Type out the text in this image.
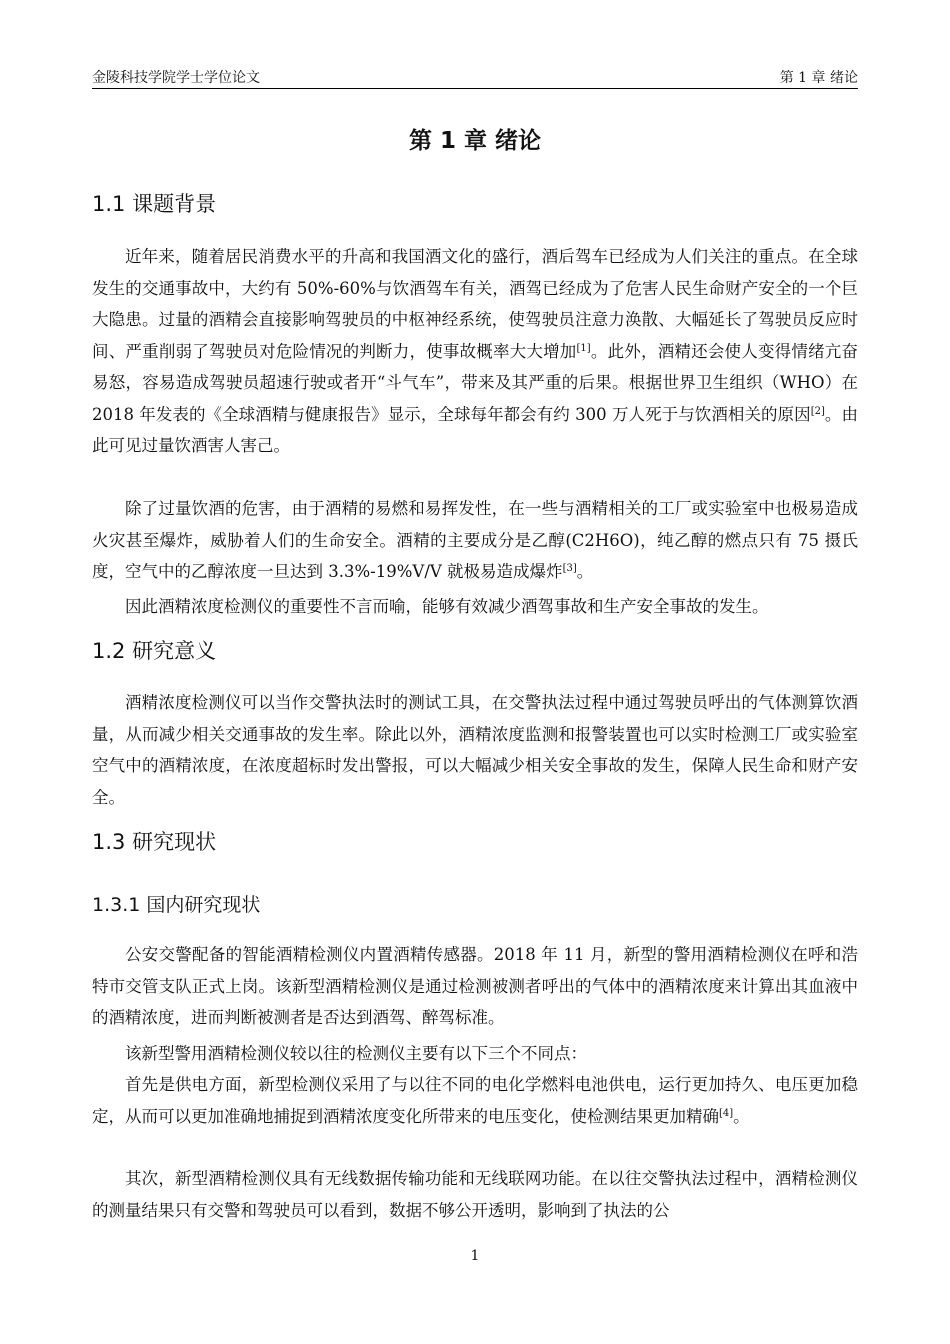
金陵科技学院学士学位论文	第 1 章 绪论
第 1 章 绪论
1.1 课题背景

近年来，随着居民消费水平的升高和我国酒文化的盛行，酒后驾车已经成为人们关注的重点。在全球发生的交通事故中，大约有 50%-60%与饮酒驾车有关，酒驾已经成为了危害人民生命财产安全的一个巨大隐患。过量的酒精会直接影响驾驶员的中枢神经系统，使驾驶员注意力涣散、大幅延长了驾驶员反应时间、严重削弱了驾驶员对危险情况的判断力，使事故概率大大增加[1]。此外，酒精还会使人变得情绪亢奋易怒，容易造成驾驶员超速行驶或者开“斗气车”，带来及其严重的后果。根据世界卫生组织（WHO）在 2018 年发表的《全球酒精与健康报告》显示，全球每年都会有约 300 万人死于与饮酒相关的原因[2]。由此可见过量饮酒害人害己。

除了过量饮酒的危害，由于酒精的易燃和易挥发性，在一些与酒精相关的工厂或实验室中也极易造成火灾甚至爆炸，威胁着人们的生命安全。酒精的主要成分是乙醇(C2H6O)，纯乙醇的燃点只有 75 摄氏度，空气中的乙醇浓度一旦达到 3.3%-19%V/V 就极易造成爆炸[3]。

因此酒精浓度检测仪的重要性不言而喻，能够有效减少酒驾事故和生产安全事故的发生。

1.2 研究意义

酒精浓度检测仪可以当作交警执法时的测试工具，在交警执法过程中通过驾驶员呼出的气体测算饮酒量，从而减少相关交通事故的发生率。除此以外，酒精浓度监测和报警装置也可以实时检测工厂或实验室空气中的酒精浓度，在浓度超标时发出警报，可以大幅减少相关安全事故的发生，保障人民生命和财产安全。

1.3 研究现状
1.3.1 国内研究现状

公安交警配备的智能酒精检测仪内置酒精传感器。2018 年 11 月，新型的警用酒精检测仪在呼和浩特市交管支队正式上岗。该新型酒精检测仪是通过检测被测者呼出的气体中的酒精浓度来计算出其血液中的酒精浓度，进而判断被测者是否达到酒驾、醉驾标准。

该新型警用酒精检测仪较以往的检测仪主要有以下三个不同点：

首先是供电方面，新型检测仪采用了与以往不同的电化学燃料电池供电，运行更加持久、电压更加稳定，从而可以更加准确地捕捉到酒精浓度变化所带来的电压变化，使检测结果更加精确[4]。

其次，新型酒精检测仪具有无线数据传输功能和无线联网功能。在以往交警执法过程中，酒精检测仪的测量结果只有交警和驾驶员可以看到，数据不够公开透明，影响到了执法的公

1
